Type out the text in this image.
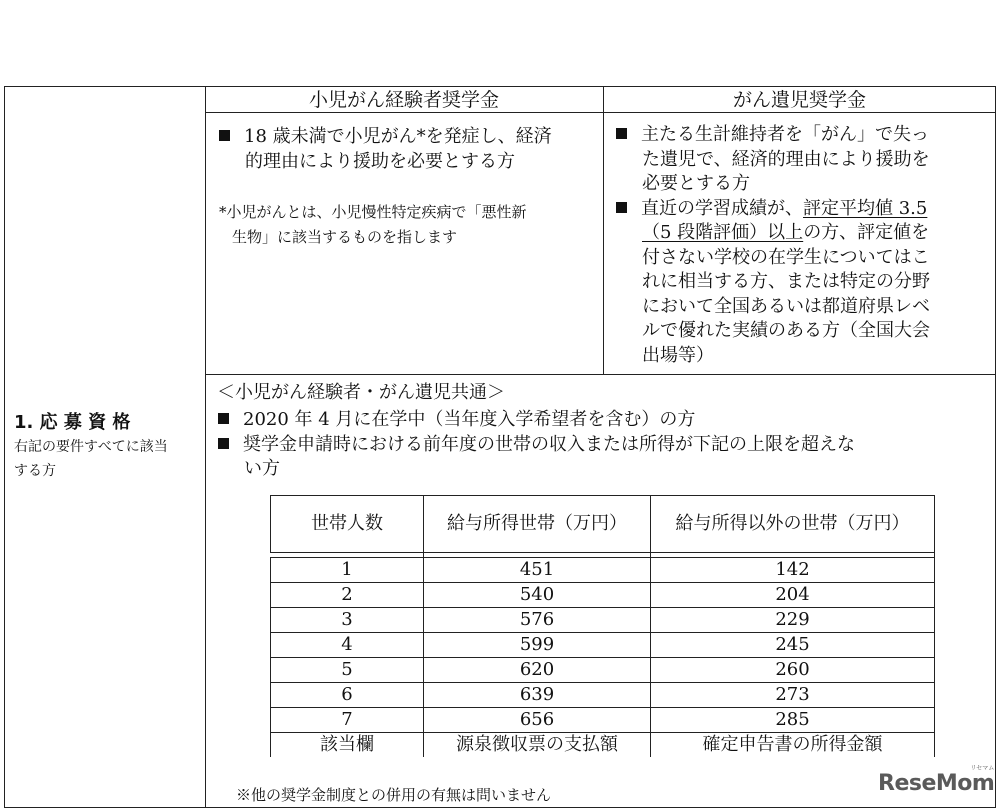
1. 応 募 資 格
右記の要件すべてに該当
する方
小児がん経験者奨学金	がん遺児奨学金
18 歳未満で小児がん*を発症し、経済
的理由により援助を必要とする方
*小児がんとは、小児慢性特定疾病で「悪性新
生物」に該当するものを指します
主たる生計維持者を「がん」で失っ
た遺児で、経済的理由により援助を
必要とする方
直近の学習成績が、評定平均値 3.5
（5 段階評価）以上の方、評定値を
付さない学校の在学生についてはこ
れに相当する方、または特定の分野
において全国あるいは都道府県レベ
ルで優れた実績のある方（全国大会
出場等）
＜小児がん経験者・がん遺児共通＞
2020 年 4 月に在学中（当年度入学希望者を含む）の方
奨学金申請時における前年度の世帯の収入または所得が下記の上限を超えな
い方
世帯人数	給与所得世帯（万円）	給与所得以外の世帯（万円）

1	451	142
2	540	204
3	576	229
4	599	245
5	620	260
6	639	273
7	656	285
該当欄	源泉徴収票の支払額	確定申告書の所得金額
※他の奨学金制度との併用の有無は問いません	ReseMom
リセマム
